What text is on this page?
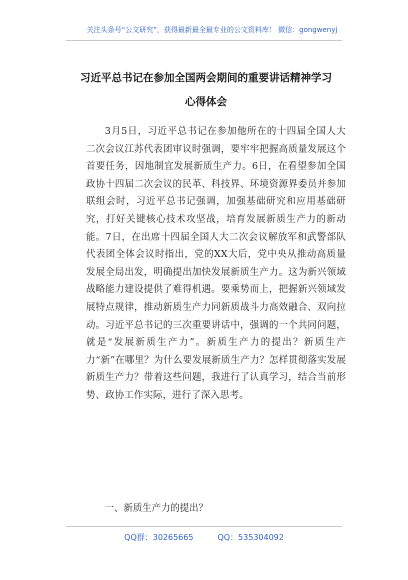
关注头条号“公文研究”，获得最新最全最专业的公文资料库！ 微信：gongwenyj
习近平总书记在参加全国两会期间的重要讲话精神学习心得体会

3月5日，习近平总书记在参加他所在的十四届全国人大二次会议江苏代表团审议时强调，要牢牢把握高质量发展这个首要任务，因地制宜发展新质生产力。6日，在看望参加全国政协十四届二次会议的民革、科技界、环境资源界委员并参加联组会时，习近平总书记强调，加强基础研究和应用基础研究，打好关键核心技术攻坚战，培育发展新质生产力的新动能。7日，在出席十四届全国人大二次会议解放军和武警部队代表团全体会议时指出，党的XX大后，党中央从推动高质量发展全局出发，明确提出加快发展新质生产力。这为新兴领域战略能力建设提供了难得机遇。要乘势而上，把握新兴领域发展特点规律，推动新质生产力同新质战斗力高效融合、双向拉动。习近平总书记的三次重要讲话中，强调的一个共同问题，就是“发展新质生产力”。新质生产力的提出？新质生产力“新”在哪里？为什么要发展新质生产力？怎样贯彻落实发展新质生产力？带着这些问题，我进行了认真学习，结合当前形势、政协工作实际，进行了深入思考。

一、新质生产力的提出？

QQ群：30265665	QQ：535304092
